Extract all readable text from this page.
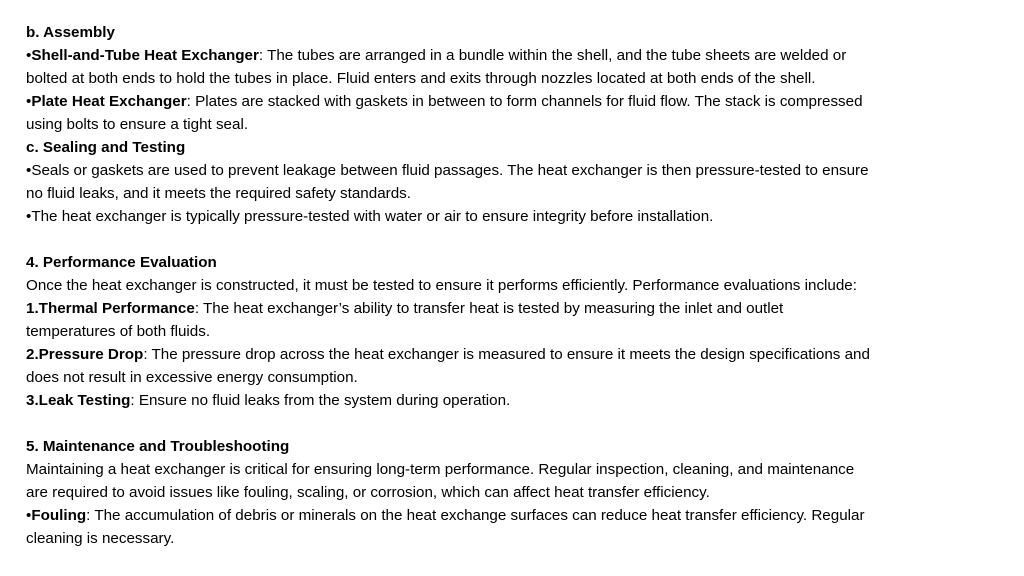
b. Assembly
•Shell-and-Tube Heat Exchanger: The tubes are arranged in a bundle within the shell, and the tube sheets are welded or
bolted at both ends to hold the tubes in place. Fluid enters and exits through nozzles located at both ends of the shell.
•Plate Heat Exchanger: Plates are stacked with gaskets in between to form channels for fluid flow. The stack is compressed
using bolts to ensure a tight seal.
c. Sealing and Testing
•Seals or gaskets are used to prevent leakage between fluid passages. The heat exchanger is then pressure-tested to ensure
no fluid leaks, and it meets the required safety standards.
•The heat exchanger is typically pressure-tested with water or air to ensure integrity before installation.
4. Performance Evaluation
Once the heat exchanger is constructed, it must be tested to ensure it performs efficiently. Performance evaluations include:
1.Thermal Performance: The heat exchanger’s ability to transfer heat is tested by measuring the inlet and outlet
temperatures of both fluids.
2.Pressure Drop: The pressure drop across the heat exchanger is measured to ensure it meets the design specifications and
does not result in excessive energy consumption.
3.Leak Testing: Ensure no fluid leaks from the system during operation.
5. Maintenance and Troubleshooting
Maintaining a heat exchanger is critical for ensuring long-term performance. Regular inspection, cleaning, and maintenance
are required to avoid issues like fouling, scaling, or corrosion, which can affect heat transfer efficiency.
•Fouling: The accumulation of debris or minerals on the heat exchange surfaces can reduce heat transfer efficiency. Regular
cleaning is necessary.
